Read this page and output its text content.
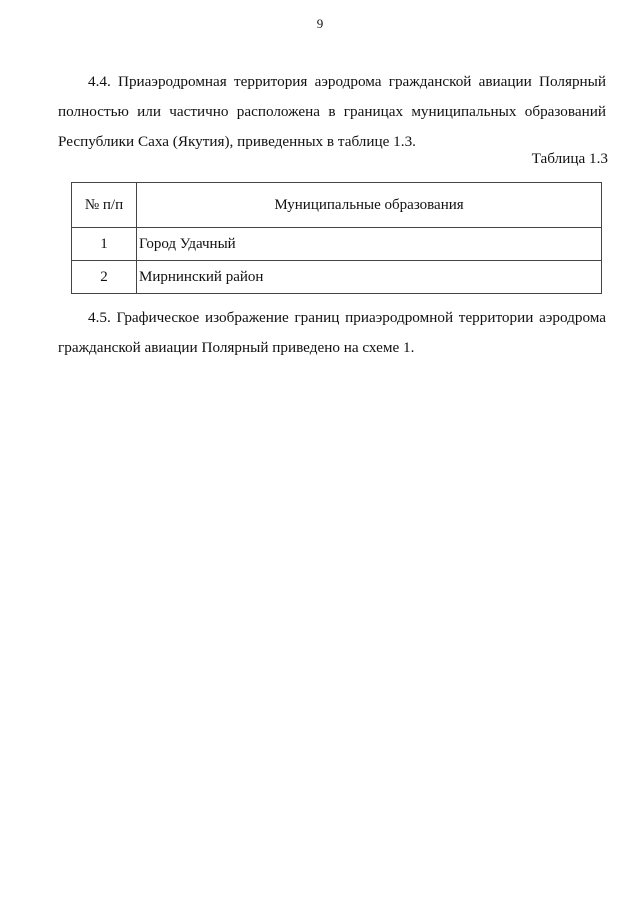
9

4.4. Приаэродромная территория аэродрома гражданской авиации Полярный полностью или частично расположена в границах муниципальных образований Республики Саха (Якутия), приведенных в таблице 1.3.

Таблица 1.3
№ п/п	Муниципальные образования
1	Город Удачный
2	Мирнинский район

4.5. Графическое изображение границ приаэродромной территории аэродрома гражданской авиации Полярный приведено на схеме 1.
